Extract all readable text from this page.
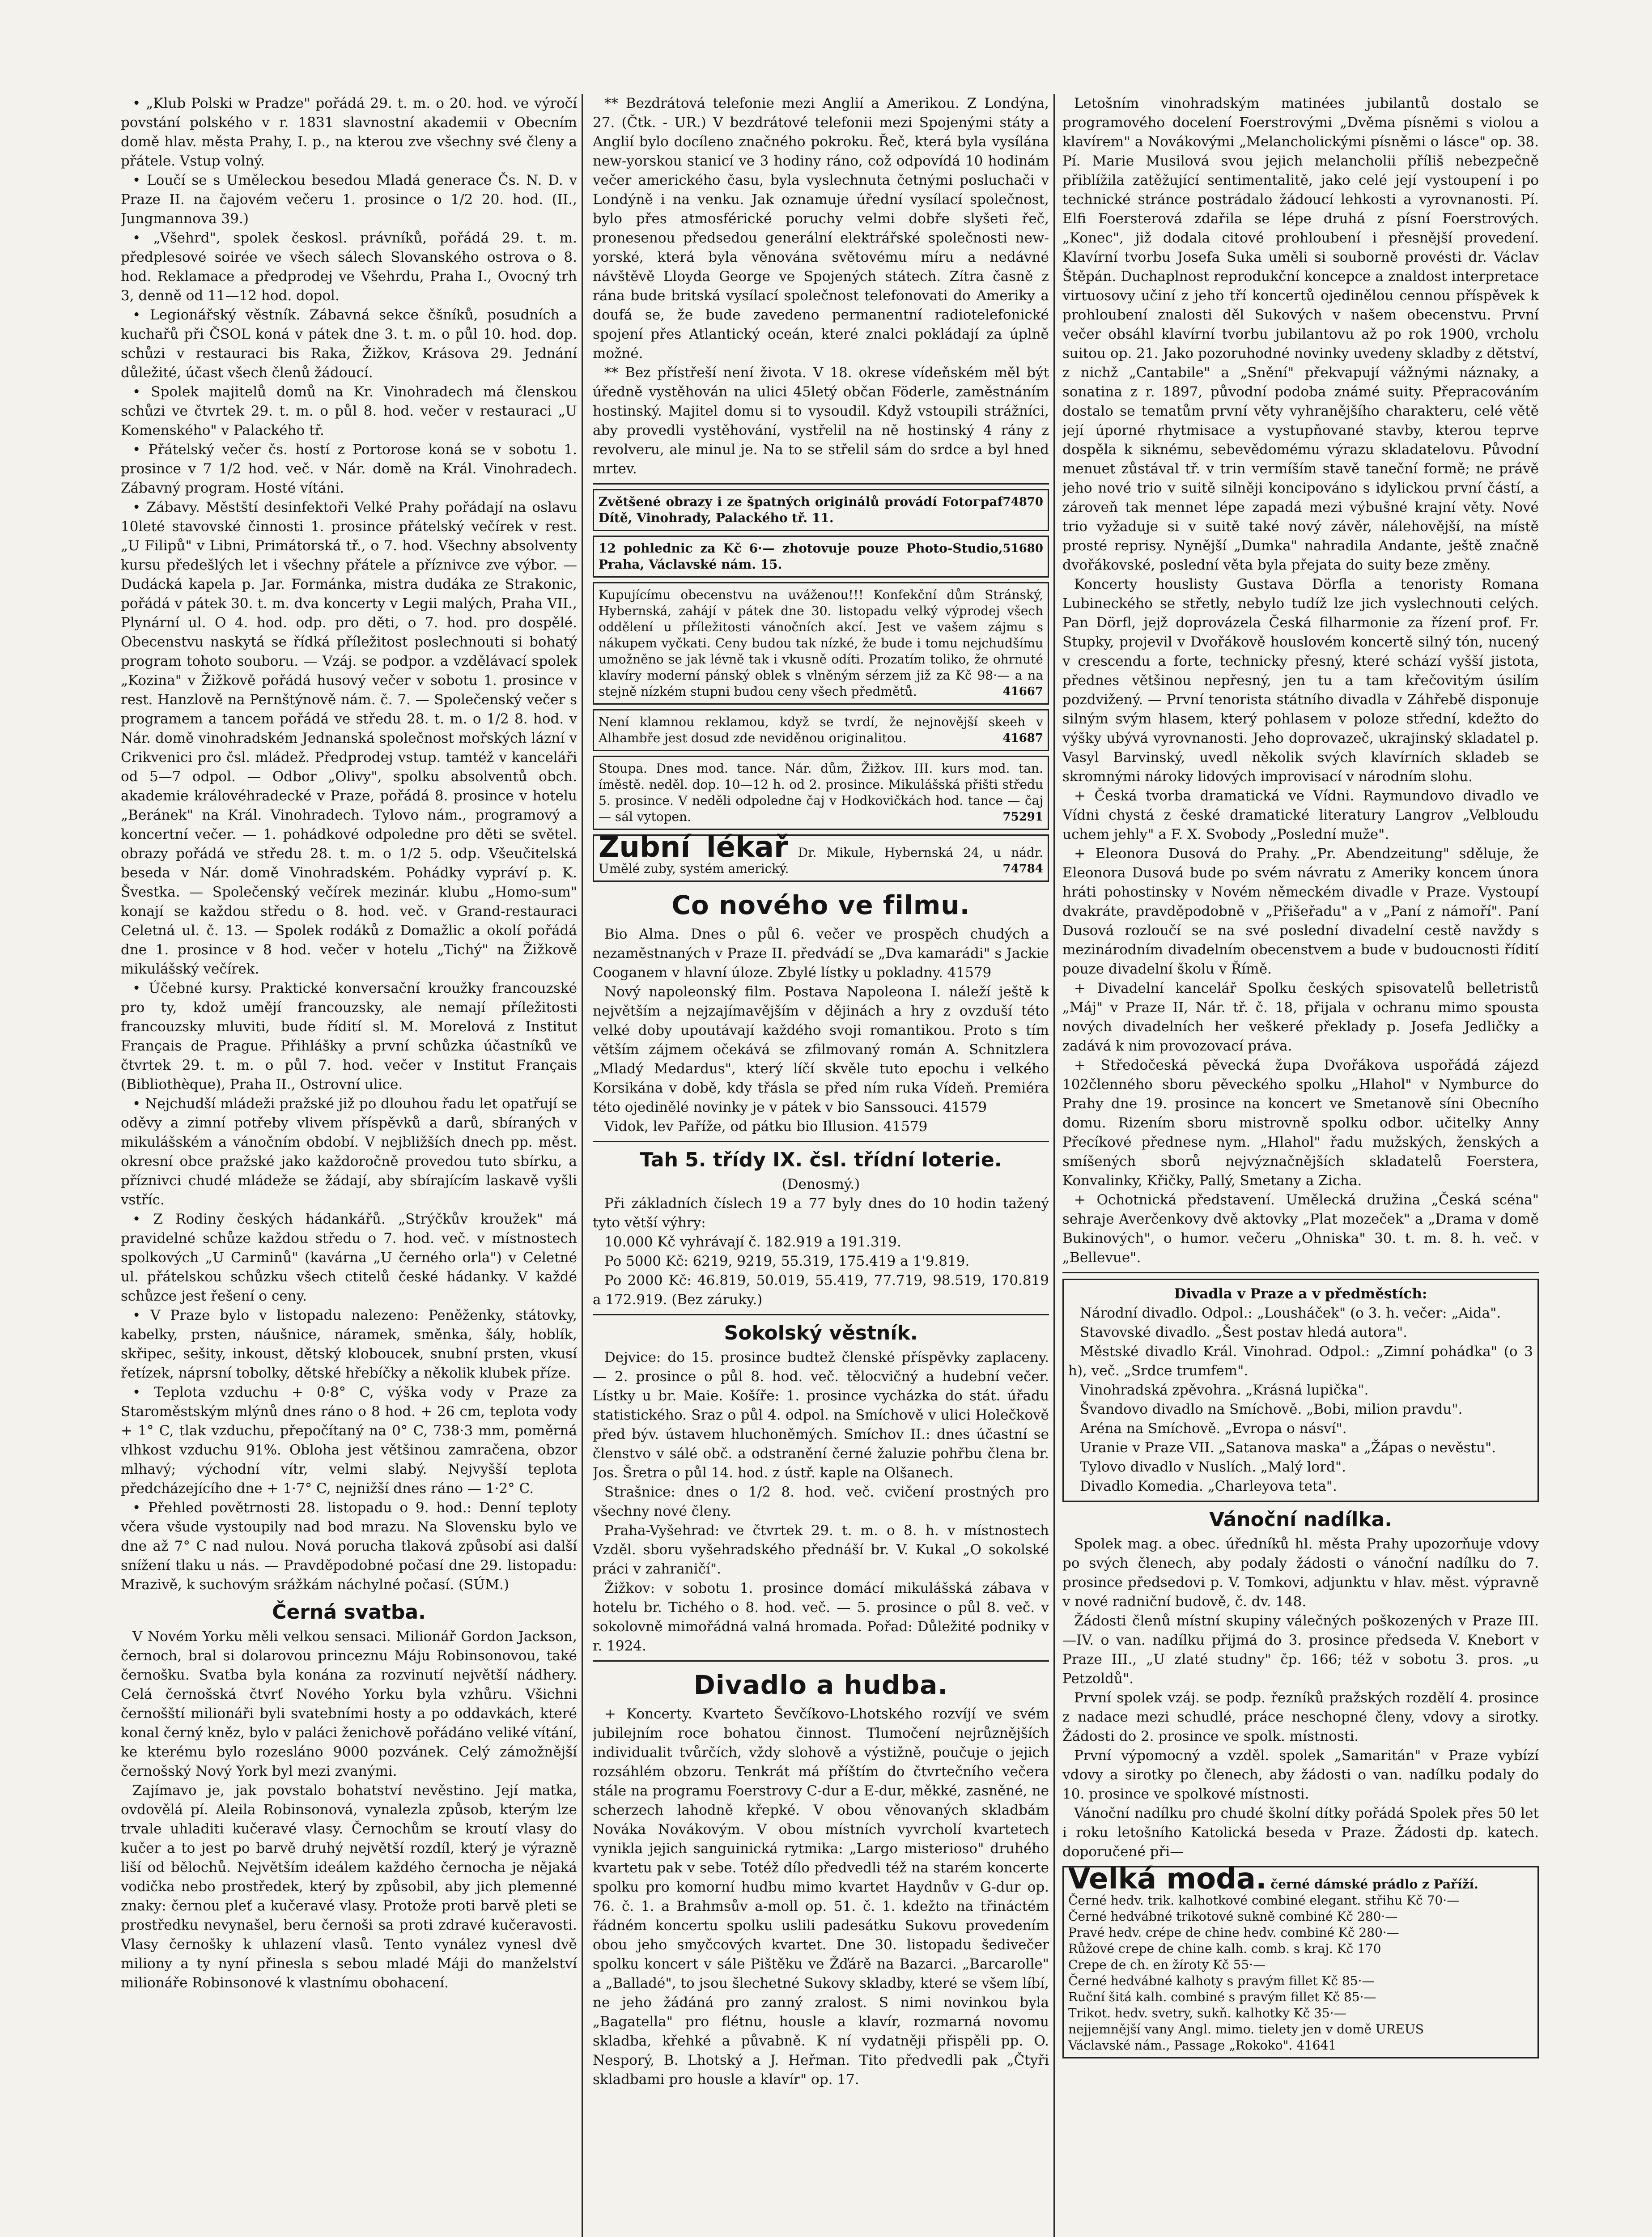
• „Klub Polski w Pradze" pořádá 29. t. m. o 20. hod. ve výročí povstání polského v r. 1831 slavnostní akademii v Obecním domě hlav. města Prahy, I. p., na kterou zve všechny své členy a přátele. Vstup volný.

• Loučí se s Uměleckou besedou Mladá generace Čs. N. D. v Praze II. na čajovém večeru 1. prosince o 1/2 20. hod. (II., Jungmannova 39.)

• „Všehrd", spolek českosl. právníků, pořádá 29. t. m. předplesové soirée ve všech sálech Slovanského ostrova o 8. hod. Reklamace a předprodej ve Všehrdu, Praha I., Ovocný trh 3, denně od 11—12 hod. dopol.

• Legionářský věstník. Zábavná sekce čšníků, posudních a kuchařů při ČSOL koná v pátek dne 3. t. m. o půl 10. hod. dop. schůzi v restauraci bis Raka, Žižkov, Krásova 29. Jednání důležité, účast všech členů žádoucí.

• Spolek majitelů domů na Kr. Vinohradech má členskou schůzi ve čtvrtek 29. t. m. o půl 8. hod. večer v restauraci „U Komenského" v Palackého tř.

• Přátelský večer čs. hostí z Portorose koná se v sobotu 1. prosince v 7 1/2 hod. več. v Nár. domě na Král. Vinohradech. Zábavný program. Hosté vítáni.

• Zábavy. Městští desinfektoři Velké Prahy pořádají na oslavu 10leté stavovské činnosti 1. prosince přátelský večírek v rest. „U Filipů" v Libni, Primátorská tř., o 7. hod. Všechny absolventy kursu předešlých let i všechny přátele a příznivce zve výbor. — Dudácká kapela p. Jar. Formánka, mistra dudáka ze Strakonic, pořádá v pátek 30. t. m. dva koncerty v Legii malých, Praha VII., Plynární ul. O 4. hod. odp. pro děti, o 7. hod. pro dospělé. Obecenstvu naskytá se řídká příležitost poslechnouti si bohatý program tohoto souboru. — Vzáj. se podpor. a vzdělávací spolek „Kozina" v Žižkově pořádá husový večer v sobotu 1. prosince v rest. Hanzlově na Pernštýnově nám. č. 7. — Společenský večer s programem a tancem pořádá ve středu 28. t. m. o 1/2 8. hod. v Nár. domě vinohradském Jednanská společnost mořských lázní v Crikvenici pro čsl. mládež. Předprodej vstup. tamtéž v kanceláři od 5—7 odpol. — Odbor „Olivy", spolku absolventů obch. akademie královéhradecké v Praze, pořádá 8. prosince v hotelu „Beránek" na Král. Vinohradech. Tylovo nám., programový a koncertní večer. — 1. pohádkové odpoledne pro děti se světel. obrazy pořádá ve středu 28. t. m. o 1/2 5. odp. Všeučitelská beseda v Nár. domě Vinohradském. Pohádky vypráví p. K. Švestka. — Společenský večírek mezinár. klubu „Homo-sum" konají se každou středu o 8. hod. več. v Grand-restauraci Celetná ul. č. 13. — Spolek rodáků z Domažlic a okolí pořádá dne 1. prosince v 8 hod. večer v hotelu „Tichý" na Žižkově mikulášský večírek.

• Účebné kursy. Praktické konversační kroužky francouzské pro ty, kdož umějí francouzsky, ale nemají příležitosti francouzsky mluviti, bude řídití sl. M. Morelová z Institut Français de Prague. Přihlášky a první schůzka účastníků ve čtvrtek 29. t. m. o půl 7. hod. večer v Institut Français (Bibliothèque), Praha II., Ostrovní ulice.

• Nejchudší mládeži pražské již po dlouhou řadu let opatřují se oděvy a zimní potřeby vlivem příspěvků a darů, sbíraných v mikulášském a vánočním období. V nejbližších dnech pp. měst. okresní obce pražské jako každoročně provedou tuto sbírku, a příznivci chudé mládeže se žádají, aby sbírajícím laskavě vyšli vstříc.

• Z Rodiny českých hádankářů. „Strýčkův kroužek" má pravidelné schůze každou středu o 7. hod. več. v místnostech spolkových „U Carminů" (kavárna „U černého orla") v Celetné ul. přátelskou schůzku všech ctitelů české hádanky. V každé schůzce jest řešení o ceny.

• V Praze bylo v listopadu nalezeno: Peněženky, státovky, kabelky, prsten, náušnice, náramek, směnka, šály, hoblík, skřipec, sešity, inkoust, dětský kloboucek, snubní prsten, vkusí řetízek, náprsní tobolky, dětské hřebíčky a několik klubek příze.

• Teplota vzduchu + 0·8° C, výška vody v Praze za Staroměstským mlýnů dnes ráno o 8 hod. + 26 cm, teplota vody + 1° C, tlak vzduchu, přepočítaný na 0° C, 738·3 mm, poměrná vlhkost vzduchu 91%. Obloha jest většinou zamračena, obzor mlhavý; východní vítr, velmi slabý. Nejvyšší teplota předcházejícího dne + 1·7° C, nejnižší dnes ráno — 1·2° C.

• Přehled povětrnosti 28. listopadu o 9. hod.: Denní teploty včera všude vystoupily nad bod mrazu. Na Slovensku bylo ve dne až 7° C nad nulou. Nová porucha tlaková způsobí asi další snížení tlaku u nás. — Pravděpodobné počasí dne 29. listopadu: Mrazivě, k suchovým srážkám náchylné počasí. (SÚM.)

Černá svatba.

V Novém Yorku měli velkou sensaci. Milionář Gordon Jackson, černoch, bral si dolarovou princeznu Máju Robinsonovou, také černošku. Svatba byla konána za rozvinutí největší nádhery. Celá černošská čtvrť Nového Yorku byla vzhůru. Všichni černošští milionáři byli svatebními hosty a po oddavkách, které konal černý kněz, bylo v paláci ženichově pořádáno veliké vítání, ke kterému bylo rozesláno 9000 pozvánek. Celý zámožnější černošský Nový York byl mezi zvanými.

Zajímavo je, jak povstalo bohatství nevěstino. Její matka, ovdovělá pí. Aleila Robinsonová, vynalezla způsob, kterým lze trvale uhladiti kučeravé vlasy. Černochům se kroutí vlasy do kučer a to jest po barvě druhý největší rozdíl, který je výrazně liší od bělochů. Největším ideálem každého černocha je nějaká vodička nebo prostředek, který by způsobil, aby jich plemenné znaky: černou pleť a kučeravé vlasy. Protože proti barvě pleti se prostředku nevynašel, beru černoši sa proti zdravé kučeravosti. Vlasy černošky k uhlazení vlasů. Tento vynález vynesl dvě miliony a ty nyní přinesla s sebou mladé Máji do manželství milionáře Robinsonové k vlastnímu obohacení.

** Bezdrátová telefonie mezi Anglií a Amerikou. Z Londýna, 27. (Čtk. - UR.) V bezdrátové telefonii mezi Spojenými státy a Anglií bylo docíleno značného pokroku. Řeč, která byla vysílána new-yorskou stanicí ve 3 hodiny ráno, což odpovídá 10 hodinám večer amerického času, byla vyslechnuta četnými posluchači v Londýně i na venku. Jak oznamuje úřední vysílací společnost, bylo přes atmosférické poruchy velmi dobře slyšeti řeč, pronesenou předsedou generální elektrářské společnosti new-yorské, která byla věnována světovému míru a nedávné návštěvě Lloyda George ve Spojených státech. Zítra časně z rána bude britská vysílací společnost telefonovati do Ameriky a doufá se, že bude zavedeno permanentní radiotelefonické spojení přes Atlantický oceán, které znalci pokládají za úplně možné.

** Bez přístřeší není života. V 18. okrese vídeňském měl být úředně vystěhován na ulici 45letý občan Föderle, zaměstnáním hostinský. Majitel domu si to vysoudil. Když vstoupili strážníci, aby provedli vystěhování, vystřelil na ně hostinský 4 rány z revolveru, ale minul je. Na to se střelil sám do srdce a byl hned mrtev.

74870
Zvětšené obrazy i ze špatných originálů provádí Fotoграf Dítě, Vinohrady, Palackého tř. 11.
51680
12 pohlednic za Kč 6·— zhotovuje pouze Photo-Studio, Praha, Václavské nám. 15.
Kupujícímu obecenstvu na uváženou!!! Konfekční dům Stránský, Hybernská, zahájí v pátek dne 30. listopadu velký výprodej všech oddělení u příležitosti vánočních akcí. Jest ve vašem zájmu s nákupem vyčkati. Ceny budou tak nízké, že bude i tomu nejchudšímu umožněno se jak lévně tak i vkusně odíti. Prozatím toliko, že ohrnuté klavíry moderní pánský oblek s vlněným sérzem již za Kč 98·— a na stejně nízkém stupni budou ceny všech předmětů.	41667
Není klamnou reklamou, když se tvrdí, že nejnovější skeeh v Alhambře jest dosud zde neviděnou originalitou.	41687
Stoupa. Dnes mod. tance. Nár. dům, Žižkov. III. kurs mod. tan. íměstě. neděl. dop. 10—12 h. od 2. prosince. Mikulášská přišti středu 5. prosince. V neděli odpoledne čaj v Hodkovičkách hod. tance — čaj — sál vytopen.	75291
Zubní lékař Dr. Mikule, Hybernská 24, u nádr. Umělé zuby, systém americký.	74784
Co nového ve filmu.

Bio Alma. Dnes o půl 6. večer ve prospěch chudých a nezaměstnaných v Praze II. předvádí se „Dva kamarádi" s Jackie Cooganem v hlavní úloze. Zbylé lístky u pokladny. 41579

Nový napoleonský film. Postava Napoleona I. náleží ještě k největším a nejzajímavějším v dějinách a hry z ovzduší této velké doby upoutávají každého svoji romantikou. Proto s tím větším zájmem očekává se zfilmovaný román A. Schnitzlera „Mladý Medardus", který líčí skvěle tuto epochu i velkého Korsikána v době, kdy třásla se před ním ruka Vídeň. Premiéra této ojedinělé novinky je v pátek v bio Sanssouci. 41579

Vidok, lev Paříže, od pátku bio Illusion. 41579

Tah 5. třídy IX. čsl. třídní loterie.

(Denosmý.)

Při základních číslech 19 a 77 byly dnes do 10 hodin tažený tyto větší výhry:

10.000 Kč vyhrávají č. 182.919 a 191.319.

Po 5000 Kč: 6219, 9219, 55.319, 175.419 a 1'9.819.

Po 2000 Kč: 46.819, 50.019, 55.419, 77.719, 98.519, 170.819 a 172.919. (Bez záruky.)

Sokolský věstník.

Dejvice: do 15. prosince budtež členské příspěvky zaplaceny. — 2. prosince o půl 8. hod. več. tělocvičný a hudební večer. Lístky u br. Maie. Košíře: 1. prosince vycházka do stát. úřadu statistického. Sraz o půl 4. odpol. na Smíchově v ulici Holečkově před býv. ústavem hluchoněmých. Smíchov II.: dnes účastní se členstvo v sálé obč. a odstranění černé žaluzie pohřbu člena br. Jos. Šretra o půl 14. hod. z ústř. kaple na Olšanech.

Strašnice: dnes o 1/2 8. hod. več. cvičení prostných pro všechny nové členy.

Praha-Vyšehrad: ve čtvrtek 29. t. m. o 8. h. v místnostech Vzděl. sboru vyšehradského přednáší br. V. Kukal „O sokolské práci v zahraničí".

Žižkov: v sobotu 1. prosince domácí mikulášská zábava v hotelu br. Tichého o 8. hod. več. — 5. prosince o půl 8. več. v sokolovně mimořádná valná hromada. Pořad: Důležité podniky v r. 1924.

Divadlo a hudba.

+ Koncerty. Kvarteto Ševčíkovo-Lhotského rozvíjí ve svém jubilejním roce bohatou činnost. Tlumočení nejrůznějších individualit tvůrčích, vždy slohově a výstižně, poučuje o jejich rozsáhlém obzoru. Tenkrát má příštím do čtvrtečního večera stále na programu Foerstrovy C-dur a E-dur, měkké, zasněné, ne scherzech lahodně křepké. V obou věnovaných skladbám Nováka Novákovým. V obou místních vyvrcholí kvartetech vynikla jejich sanguinická rytmika: „Largo misterioso" druhého kvartetu pak v sebe. Totéž dílo předvedli též na starém koncerte spolku pro komorní hudbu mimo kvartet Haydnův v G-dur op. 76. č. 1. a Brahmsův a-moll op. 51. č. 1. kdežto na třináctém řádném koncertu spolku uslili padesátku Sukovu provedením obou jeho smyčcových kvartet. Dne 30. listopadu šedivečer spolku koncert v sále Pištěku ve Žďárě na Bazarci. „Barcarolle" a „Balladé", to jsou šlechetné Sukovy skladby, které se všem líbí, ne jeho žádáná pro zanný zralost. S nimi novinkou byla „Bagatella" pro flétnu, housle a klavír, rozmarná novomu skladba, křehké a půvabně. K ní vydatněji přispěli pp. O. Nesporý, B. Lhotský a J. Heřman. Tito předvedli pak „Čtyři skladbami pro housle a klavír" op. 17.

Letošním vinohradským matinées jubilantů dostalo se programového docelení Foerstrovými „Dvěma písněmi s violou a klavírem" a Novákovými „Melancholickými písněmi o lásce" op. 38. Pí. Marie Musilová svou jejich melancholii příliš nebezpečně přiblížila zatěžující sentimentalitě, jako celé její vystoupení i po technické stránce postrádalo žádoucí lehkosti a vyrovnanosti. Pí. Elfi Foersterová zdařila se lépe druhá z písní Foerstrových. „Konec", již dodala citové prohloubení i přesnější provedení. Klavírní tvorbu Josefa Suka uměli si souborně provésti dr. Václav Štěpán. Duchaplnost reprodukční koncepce a znaldost interpretace virtuosovy učiní z jeho tří koncertů ojedinělou cennou příspěvek k prohloubení znalosti děl Sukových v našem obecenstvu. První večer obsáhl klavírní tvorbu jubilantovu až po rok 1900, vrcholu suitou op. 21. Jako pozoruhodné novinky uvedeny skladby z dětství, z nichž „Cantabile" a „Snění" překvapují vážnými náznaky, a sonatina z r. 1897, původní podoba známé suity. Přepracováním dostalo se tematům první věty vyhranějšího charakteru, celé větě její úporné rhytmisace a vystupňované stavby, kterou teprve dospěla k siknému, sebevědomému výrazu skladatelovu. Původní menuet zůstával tř. v trin vermíším stavě taneční formě; ne právě jeho nové trio v suitě silněji koncipováno s idylickou první částí, a zároveň tak mennet lépe zapadá mezi výbušné krajní věty. Nové trio vyžaduje si v suitě také nový závěr, nálehovější, na místě prosté reprisy. Nynější „Dumka" nahradila Andante, ještě značně dvořákovské, poslední věta byla přejata do suity beze změny.

Koncerty houslisty Gustava Dörfla a tenoristy Romana Lubineckého se střetly, nebylo tudíž lze jich vyslechnouti celých. Pan Dörfl, jejž doprovázela Česká filharmonie za řízení prof. Fr. Stupky, projevil v Dvořákově houslovém koncertě silný tón, nucený v crescendu a forte, technicky přesný, které schází vyšší jistota, přednes většinou nepřesný, jen tu a tam křečovitým úsilím pozdvižený. — První tenorista státního divadla v Záhřebě disponuje silným svým hlasem, který pohlasem v poloze střední, kdežto do výšky ubývá vyrovnanosti. Jeho doprovazeč, ukrajinský skladatel p. Vasyl Barvinský, uvedl několik svých klavírních skladeb se skromnými nároky lidových improvisací v národním slohu.

+ Česká tvorba dramatická ve Vídni. Raymundovo divadlo ve Vídni chystá z české dramatické literatury Langrov „Velbloudu uchem jehly" a F. X. Svobody „Poslední muže".

+ Eleonora Dusová do Prahy. „Pr. Abendzeitung" sděluje, že Eleonora Dusová bude po svém návratu z Ameriky koncem února hráti pohostinsky v Novém německém divadle v Praze. Vystoupí dvakráte, pravděpodobně v „Přišeřadu" a v „Paní z námoří". Paní Dusová rozloučí se na své poslední divadelní cestě navždy s mezinárodním divadelním obecenstvem a bude v budoucnosti řídití pouze divadelní školu v Římě.

+ Divadelní kancelář Spolku českých spisovatelů belletristů „Máj" v Praze II, Nár. tř. č. 18, přijala v ochranu mimo spousta nových divadelních her veškeré překlady p. Josefa Jedličky a zadává k nim provozovací práva.

+ Středočeská pěvecká župa Dvořákova uspořádá zájezd 102členného sboru pěveckého spolku „Hlahol" v Nymburce do Prahy dne 19. prosince na koncert ve Smetanově síni Obecního domu. Rizením sboru mistrovně spolku odbor. učitelky Anny Přecíkové přednese nym. „Hlahol" řadu mužských, ženských a smíšených sborů nejvýznačnějších skladatelů Foerstera, Konvalinky, Křičky, Pallý, Smetany a Zicha.

+ Ochotnická představení. Umělecká družina „Česká scéna" sehraje Averčenkovy dvě aktovky „Plat mozeček" a „Drama v domě Bukinových", o humor. večeru „Ohniska" 30. t. m. 8. h. več. v „Bellevue".

Divadla v Praze a v předměstích:

Národní divadlo. Odpol.: „Lousháček" (o 3. h. večer: „Aida".

Stavovské divadlo. „Šest postav hledá autora".

Městské divadlo Král. Vinohrad. Odpol.: „Zimní pohádka" (o 3 h), več. „Srdce trumfem".

Vinohradská zpěvohra. „Krásná lupička".

Švandovo divadlo na Smíchově. „Bobi, milion pravdu".

Aréna na Smíchově. „Evropa o násví".

Uranie v Praze VII. „Satanova maska" a „Žápas o nevěstu".

Tylovo divadlo v Nuslích. „Malý lord".

Divadlo Komedia. „Charleyova teta".

Vánoční nadílka.

Spolek mag. a obec. úředníků hl. města Prahy upozorňuje vdovy po svých členech, aby podaly žádosti o vánoční nadílku do 7. prosince předsedovi p. V. Tomkovi, adjunktu v hlav. měst. výpravně v nové radniční budově, č. dv. 148.

Žádosti členů místní skupiny válečných poškozených v Praze III.—IV. o van. nadílku přijmá do 3. prosince předseda V. Knebort v Praze III., „U zlaté studny" čp. 166; též v sobotu 3. pros. „u Petzoldů".

První spolek vzáj. se podp. řezníků pražských rozdělí 4. prosince z nadace mezi schudlé, práce neschopné členy, vdovy a sirotky. Žádosti do 2. prosince ve spolk. místnosti.

První výpomocný a vzděl. spolek „Samaritán" v Praze vybízí vdovy a sirotky po členech, aby žádosti o van. nadílku podaly do 10. prosince ve spolkové místnosti.

Vánoční nadílku pro chudé školní dítky pořádá Spolek přes 50 let i roku letošního Katolická beseda v Praze. Žádosti dp. katech. doporučené při—

Velká moda. černé dámské prádlo z Paříží.
Černé hedv. trik. kalhotkové combiné elegant. střihu Kč 70·—
Černé hedvábné trikotové sukně combiné Kč 280·—
Pravé hedv. crépe de chine hedv. combiné Kč 280·—
Růžové crepe de chine kalh. comb. s kraj. Kč 170
Crepe de ch. en žíroty Kč 55·—
Černé hedvábné kalhoty s pravým fillet Kč 85·—
Ruční šitá kalh. combiné s pravým fillet Kč 85·—
Trikot. hedv. svetry, sukň. kalhotky Kč 35·—
nejjemnější vany Angl. mimo. tielety jen v domě UREUS
Václavské nám., Passage „Rokoko". 41641
